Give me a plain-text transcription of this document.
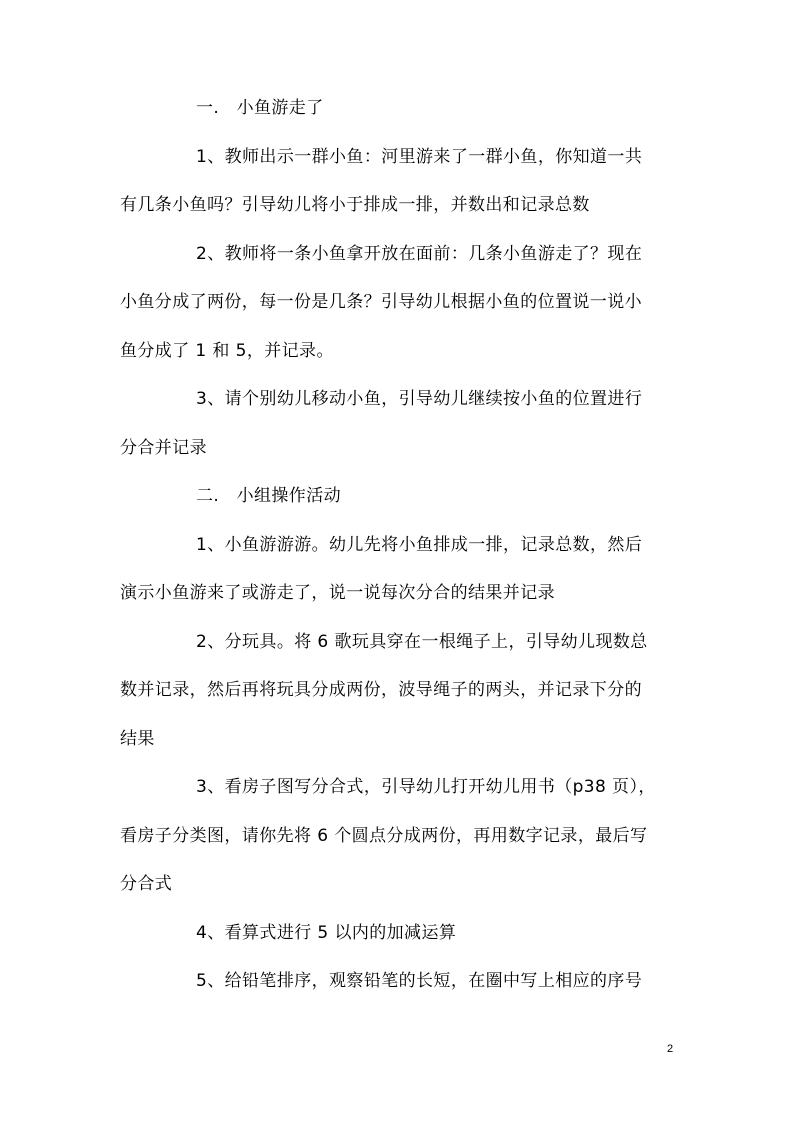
一.　小鱼游走了

1、教师出示一群小鱼：河里游来了一群小鱼，你知道一共

有几条小鱼吗？引导幼儿将小于排成一排，并数出和记录总数

2、教师将一条小鱼拿开放在面前：几条小鱼游走了？现在

小鱼分成了两份，每一份是几条？引导幼儿根据小鱼的位置说一说小

鱼分成了 1 和 5，并记录。

3、请个别幼儿移动小鱼，引导幼儿继续按小鱼的位置进行

分合并记录

二.　小组操作活动

1、小鱼游游游。幼儿先将小鱼排成一排，记录总数，然后

演示小鱼游来了或游走了，说一说每次分合的结果并记录

2、分玩具。将 6 歌玩具穿在一根绳子上，引导幼儿现数总

数并记录，然后再将玩具分成两份，波导绳子的两头，并记录下分的

结果

3、看房子图写分合式，引导幼儿打开幼儿用书（p38 页），

看房子分类图，请你先将 6 个圆点分成两份，再用数字记录，最后写

分合式

4、看算式进行 5 以内的加减运算

5、给铅笔排序，观察铅笔的长短，在圈中写上相应的序号

2
